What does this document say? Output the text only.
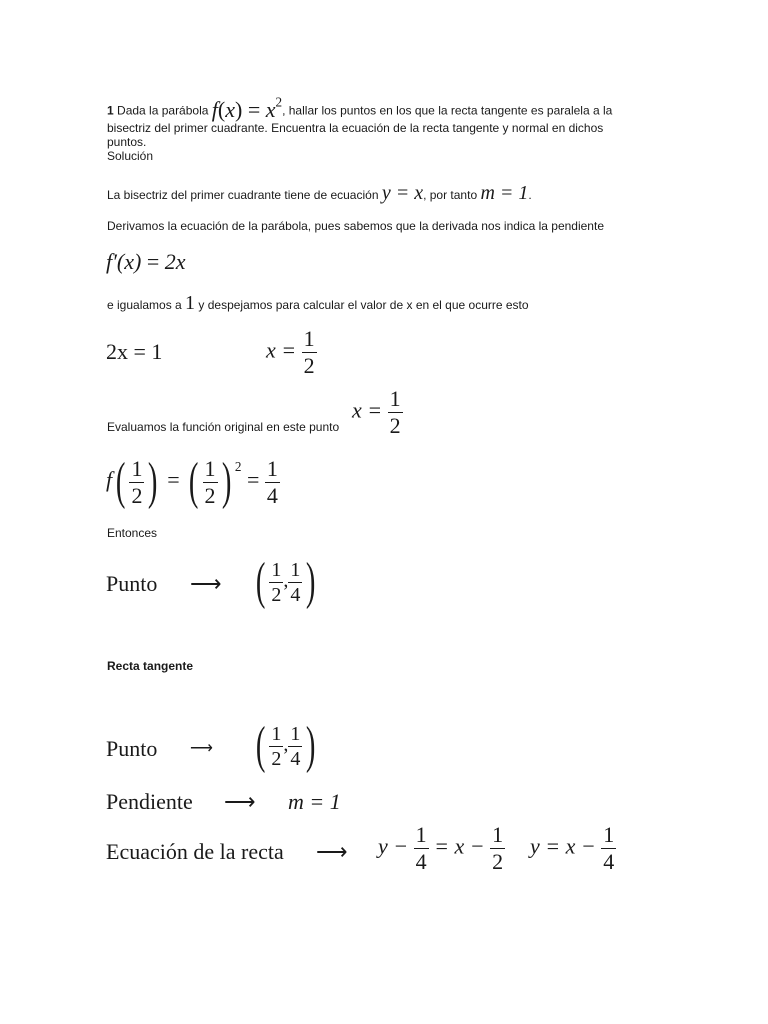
1 Dada la parábola $f(x) = x^2$, hallar los puntos en los que la recta tangente es paralela a la
bisectriz del primer cuadrante. Encuentra la ecuación de la recta tangente y normal en dichos
puntos.
Solución
La bisectriz del primer cuadrante tiene de ecuación y = x, por tanto m = 1.
Derivamos la ecuación de la parábola, pues sabemos que la derivada nos indica la pendiente
f′(x) = 2x
e igualamos a 1 y despejamos para calcular el valor de x en el que ocurre esto
2x = 1	$x = \frac{1}{2}$
Evaluamos la función original en este punto
$x = \frac{1}{2}$
$f( \frac{1}{2}$ ) = ( $\frac{1}{2}$ ) $^2 = \frac{1}{4}$
Entonces
Punto ⟶ ( $\frac{1}{2}$ , $\frac{1}{4}$ )
Recta tangente
Punto ⟶ ( $\frac{1}{2}$ , $\frac{1}{4}$ )
Pendiente ⟶ m = 1
Ecuación de la recta ⟶ $y - \frac{1}{4} = x - \frac{1}{2}$ $y = x - \frac{1}{4}$
